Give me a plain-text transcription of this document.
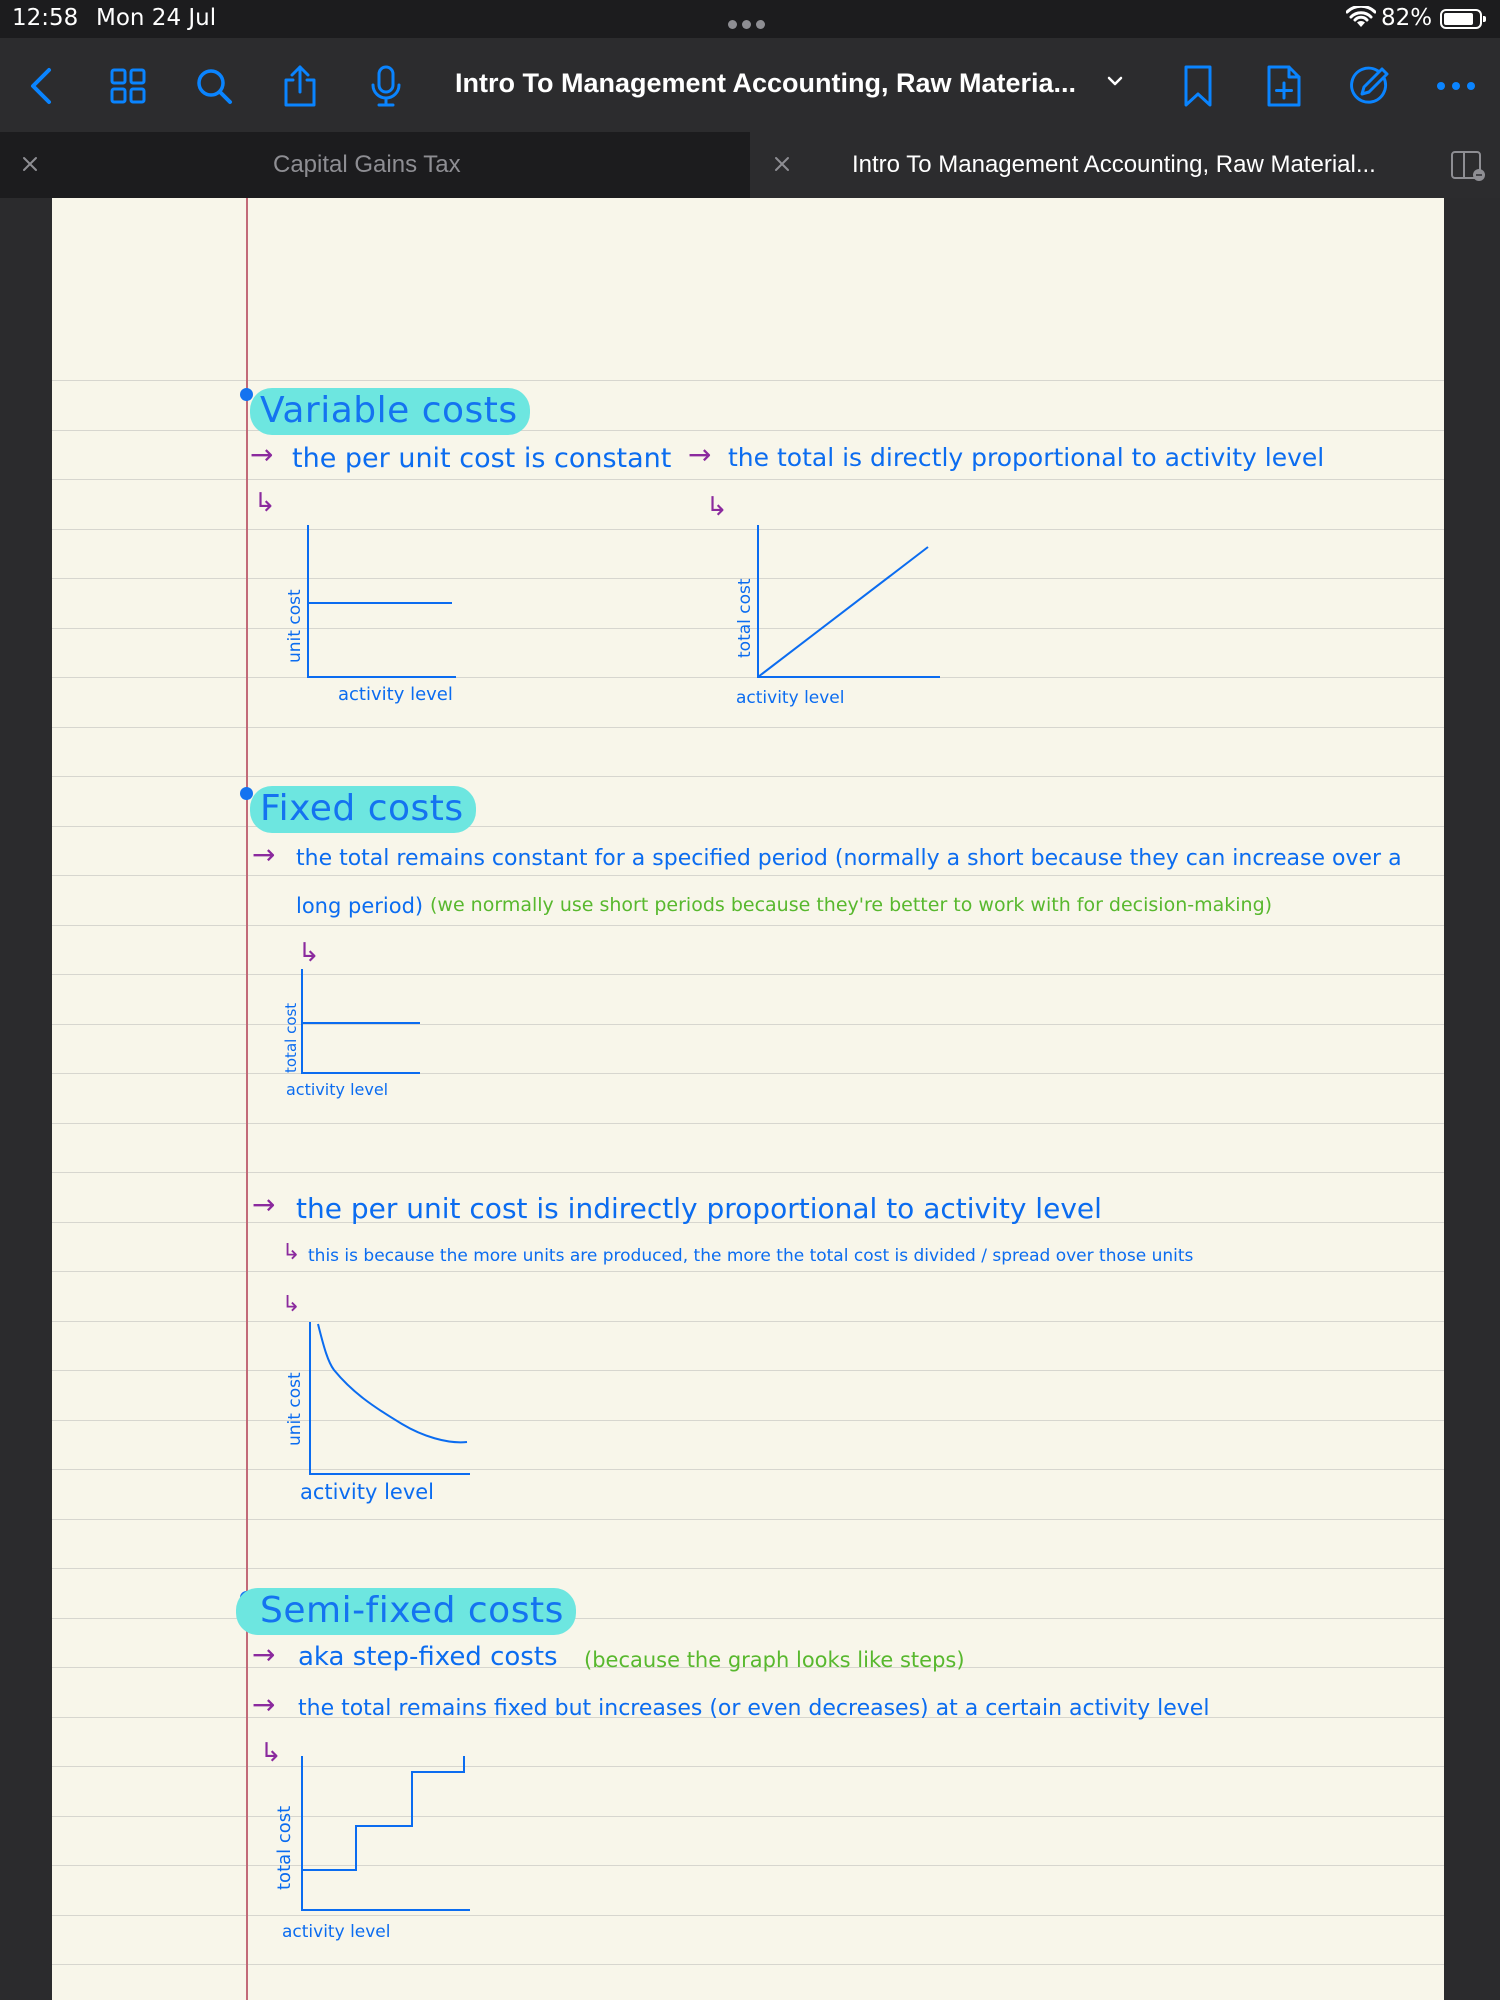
12:58 Mon 24 Jul	82%
Intro To Management Accounting, Raw Materia...
Capital Gains Tax	Intro To Management Accounting, Raw Material...
Variable costs
→ the per unit cost is constant → the total is directly proportional to activity level
↳	↳
unit cost
activity level
total cost
activity level
Fixed costs
→ the total remains constant for a specified period (normally a short because they can increase over a
long period) (we normally use short periods because they're better to work with for decision-making)
↳
total cost
activity level
→ the per unit cost is indirectly proportional to activity level
↳ this is because the more units are produced, the more the total cost is divided / spread over those units
↳
unit cost
activity level
Semi-fixed costs
→ aka step-fixed costs (because the graph looks like steps)
→ the total remains fixed but increases (or even decreases) at a certain activity level
↳
total cost
activity level
